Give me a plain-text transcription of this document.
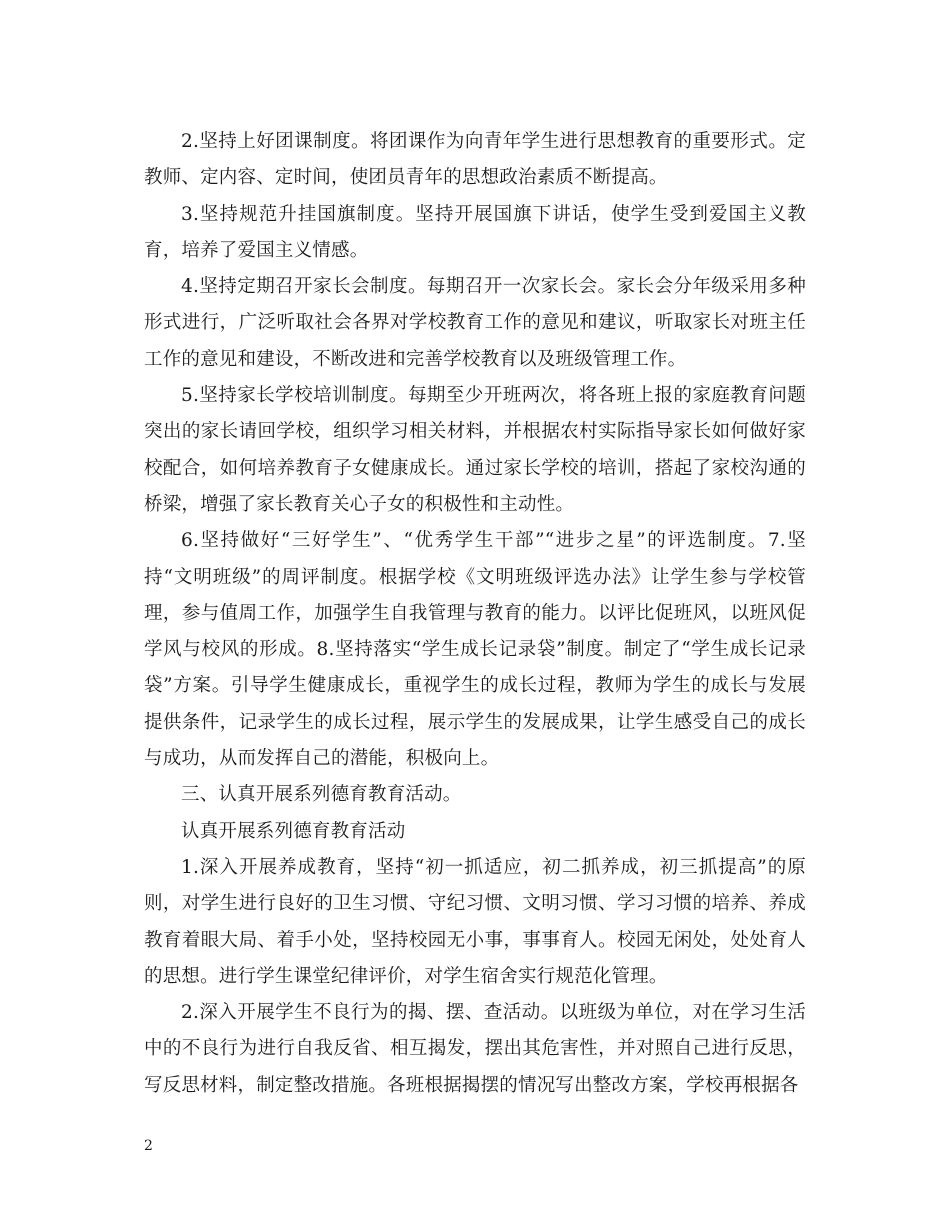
2.坚持上好团课制度。将团课作为向青年学生进行思想教育的重要形式。定教师、定内容、定时间，使团员青年的思想政治素质不断提高。

3.坚持规范升挂国旗制度。坚持开展国旗下讲话，使学生受到爱国主义教育，培养了爱国主义情感。

4.坚持定期召开家长会制度。每期召开一次家长会。家长会分年级采用多种形式进行，广泛听取社会各界对学校教育工作的意见和建议，听取家长对班主任工作的意见和建设，不断改进和完善学校教育以及班级管理工作。

5.坚持家长学校培训制度。每期至少开班两次，将各班上报的家庭教育问题突出的家长请回学校，组织学习相关材料，并根据农村实际指导家长如何做好家校配合，如何培养教育子女健康成长。通过家长学校的培训，搭起了家校沟通的桥梁，增强了家长教育关心子女的积极性和主动性。

6.坚持做好“三好学生”、“优秀学生干部”“进步之星”的评选制度。7.坚持“文明班级”的周评制度。根据学校《文明班级评选办法》让学生参与学校管理，参与值周工作，加强学生自我管理与教育的能力。以评比促班风，以班风促学风与校风的形成。8.坚持落实“学生成长记录袋”制度。制定了“学生成长记录袋”方案。引导学生健康成长，重视学生的成长过程，教师为学生的成长与发展提供条件，记录学生的成长过程，展示学生的发展成果，让学生感受自己的成长与成功，从而发挥自己的潜能，积极向上。

三、认真开展系列德育教育活动。

认真开展系列德育教育活动

1.深入开展养成教育，坚持“初一抓适应，初二抓养成，初三抓提高”的原则，对学生进行良好的卫生习惯、守纪习惯、文明习惯、学习习惯的培养、养成教育着眼大局、着手小处，坚持校园无小事，事事育人。校园无闲处，处处育人的思想。进行学生课堂纪律评价，对学生宿舍实行规范化管理。

2.深入开展学生不良行为的揭、摆、查活动。以班级为单位，对在学习生活中的不良行为进行自我反省、相互揭发，摆出其危害性，并对照自己进行反思，写反思材料，制定整改措施。各班根据揭摆的情况写出整改方案，学校再根据各

2
